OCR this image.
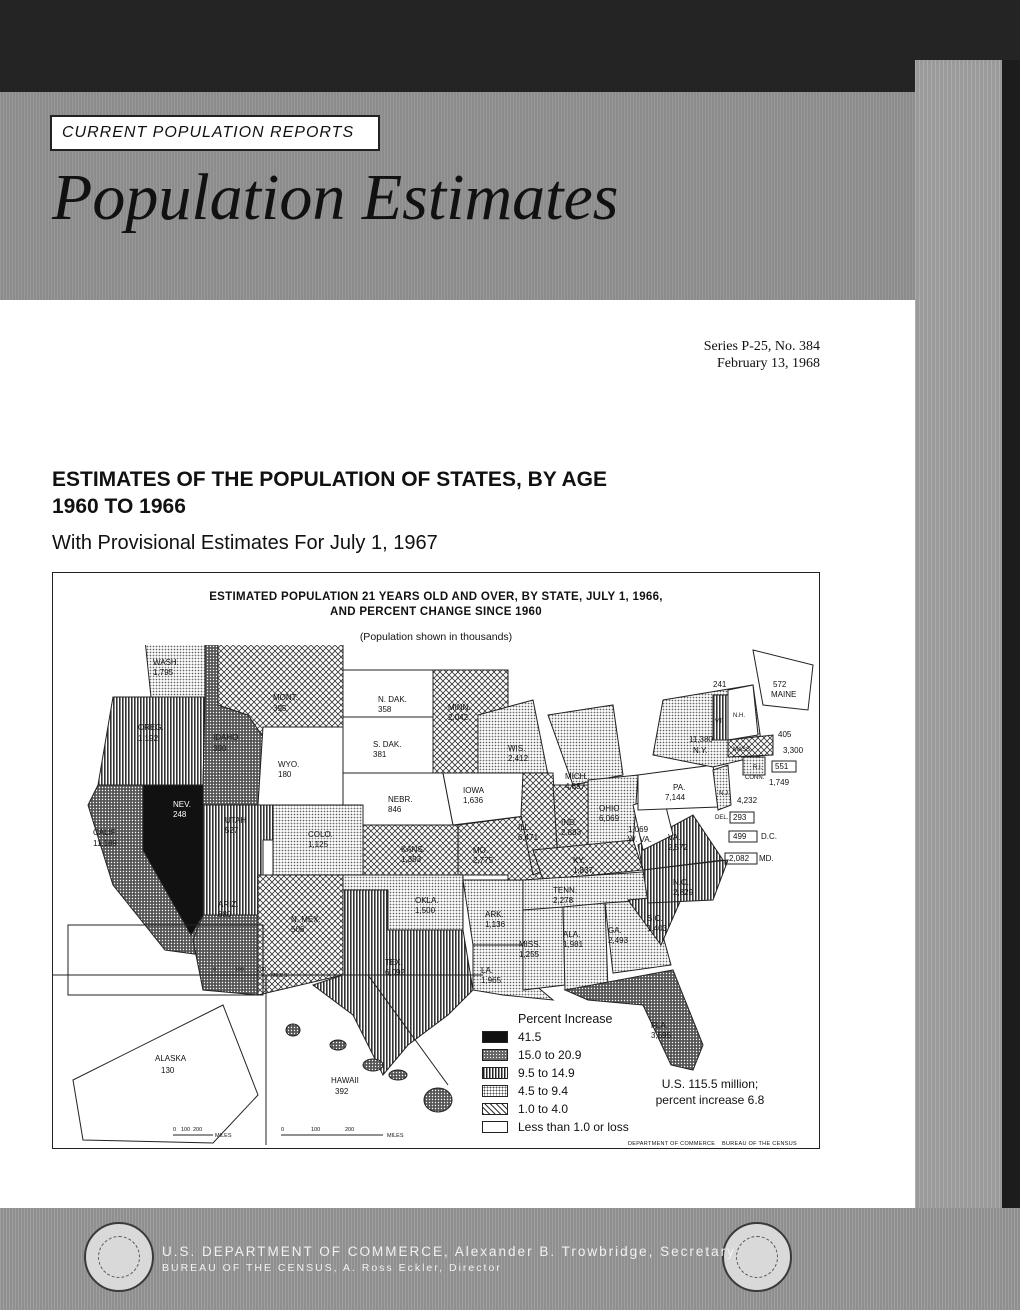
CURRENT POPULATION REPORTS
Population Estimates
Series P-25, No. 384
February 13, 1968
ESTIMATES OF THE POPULATION OF STATES, BY AGE
1960 TO 1966
With Provisional Estimates For July 1, 1967
ESTIMATED POPULATION 21 YEARS OLD AND OVER, BY STATE, JULY 1, 1966,
AND PERCENT CHANGE SINCE 1960
(Population shown in thousands)
0	100 200
MILES
0 100 200
MILES
0	100	200
MILES
WASH.
1,795
OREG.
1,192
CALIF.
11,189
NEV.
248
IDAHO
390
MONT.
395
WYO.
180
UTAH
527	COLO.
1,125
ARIZ.
880
N. MEX.
506
N. DAK.
358
S. DAK.
381
NEBR.
846
KANS.
1,353
OKLA.
1,500
TEX.
6,092
MINN.
2,042
IOWA
1,636
MO.
2,775
ARK.
1,136
LA.
1,965
WIS.
2,412
ILL.
6,471
MICH.
4,837
IND.
2,883
OHIO
6,069
KY.
1,837
TENN.
2,278
MISS.
1,255
ALA.
1,981
GA.
2,493
FLA.
3,595
S.C.
1,403
N.C.
2,829
VA.
2,572
1,069
W. VA.
PA.
7,144
11,380
N.Y.
572
MAINE
241
VT.
N.H.
405
MASS.	3,300
R.I. 551
CONN. 1,749
N.J.
4,232
DEL. 293
499 D.C.
2,082 MD.
ALASKA
130
HAWAII
392
Percent Increase
41.5
15.0 to 20.9
9.5 to 14.9
4.5 to 9.4
1.0 to 4.0
Less than 1.0 or loss
U.S. 115.5 million;
percent increase 6.8
DEPARTMENT OF COMMERCE BUREAU OF THE CENSUS
U.S. DEPARTMENT OF COMMERCE, Alexander B. Trowbridge, Secretary
BUREAU OF THE CENSUS, A. Ross Eckler, Director
